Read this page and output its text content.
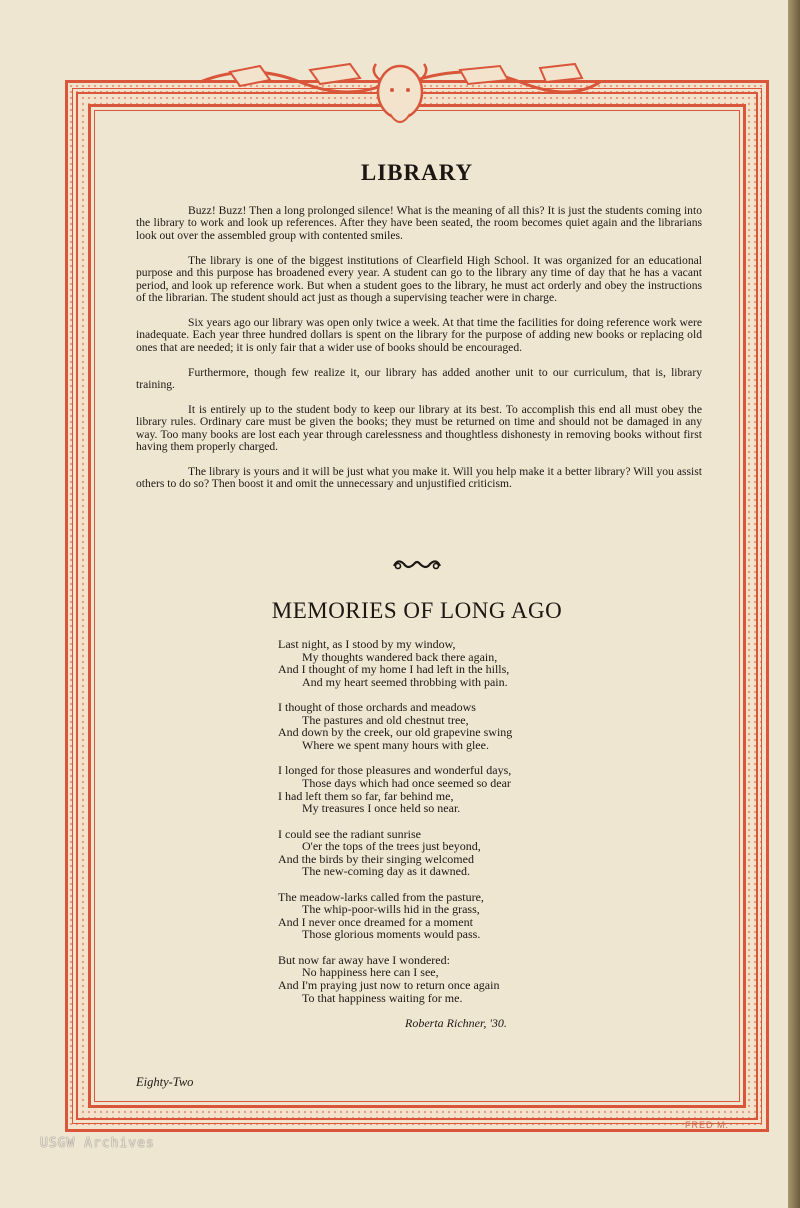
LIBRARY

Buzz! Buzz! Then a long prolonged silence! What is the meaning of all this? It is just the students coming into the library to work and look up references. After they have been seated, the room becomes quiet again and the librarians look out over the assembled group with contented smiles.

The library is one of the biggest institutions of Clearfield High School. It was organized for an educational purpose and this purpose has broadened every year. A student can go to the library any time of day that he has a vacant period, and look up reference work. But when a student goes to the library, he must act orderly and obey the instructions of the librarian. The student should act just as though a supervising teacher were in charge.

Six years ago our library was open only twice a week. At that time the facilities for doing reference work were inadequate. Each year three hundred dollars is spent on the library for the purpose of adding new books or replacing old ones that are needed; it is only fair that a wider use of books should be encouraged.

Furthermore, though few realize it, our library has added another unit to our curriculum, that is, library training.

It is entirely up to the student body to keep our library at its best. To accomplish this end all must obey the library rules. Ordinary care must be given the books; they must be returned on time and should not be damaged in any way. Too many books are lost each year through carelessness and thoughtless dishonesty in removing books without first having them properly charged.

The library is yours and it will be just what you make it. Will you help make it a better library? Will you assist others to do so? Then boost it and omit the unnecessary and unjustified criticism.

MEMORIES OF LONG AGO
Last night, as I stood by my window,
My thoughts wandered back there again,
And I thought of my home I had left in the hills,
And my heart seemed throbbing with pain.
I thought of those orchards and meadows
The pastures and old chestnut tree,
And down by the creek, our old grapevine swing
Where we spent many hours with glee.
I longed for those pleasures and wonderful days,
Those days which had once seemed so dear
I had left them so far, far behind me,
My treasures I once held so near.
I could see the radiant sunrise
O'er the tops of the trees just beyond,
And the birds by their singing welcomed
The new-coming day as it dawned.
The meadow-larks called from the pasture,
The whip-poor-wills hid in the grass,
And I never once dreamed for a moment
Those glorious moments would pass.
But now far away have I wondered:
No happiness here can I see,
And I'm praying just now to return once again
To that happiness waiting for me.
Roberta Richner, '30.
Eighty-Two
FRED M.
USGW Archives
